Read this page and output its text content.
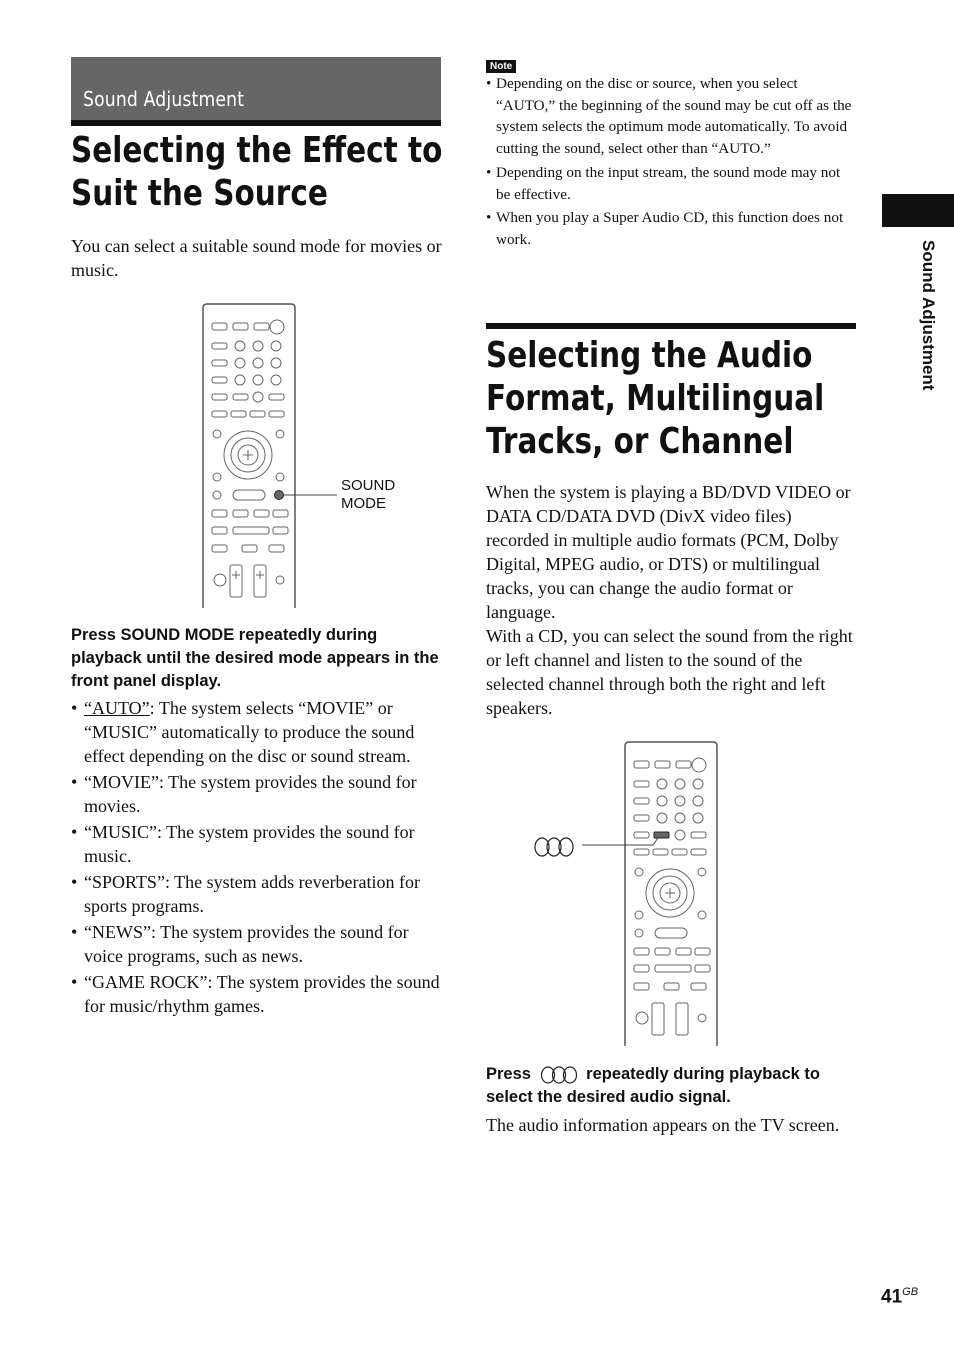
Sound Adjustment
Selecting the Effect to
Suit the Source
You can select a suitable sound mode for movies or music.
SOUND
MODE
Press SOUND MODE repeatedly during playback until the desired mode appears in the front panel display.
• “AUTO”: The system selects “MOVIE” or “MUSIC” automatically to produce the sound effect depending on the disc or sound stream.
• “MOVIE”: The system provides the sound for movies.
• “MUSIC”: The system provides the sound for music.
• “SPORTS”: The system adds reverberation for sports programs.
• “NEWS”: The system provides the sound for voice programs, such as news.
• “GAME ROCK”: The system provides the sound for music/rhythm games.
Note
• Depending on the disc or source, when you select “AUTO,” the beginning of the sound may be cut off as the system selects the optimum mode automatically. To avoid cutting the sound, select other than “AUTO.”
• Depending on the input stream, the sound mode may not be effective.
• When you play a Super Audio CD, this function does not work.
Selecting the Audio
Format, Multilingual
Tracks, or Channel
When the system is playing a BD/DVD VIDEO or DATA CD/DATA DVD (DivX video files) recorded in multiple audio formats (PCM, Dolby Digital, MPEG audio, or DTS) or multilingual tracks, you can change the audio format or language.
With a CD, you can select the sound from the right or left channel and listen to the sound of the selected channel through both the right and left speakers.
Press	repeatedly during playback to select the desired audio signal.
The audio information appears on the TV screen.
Sound Adjustment
$41^{GB}$
